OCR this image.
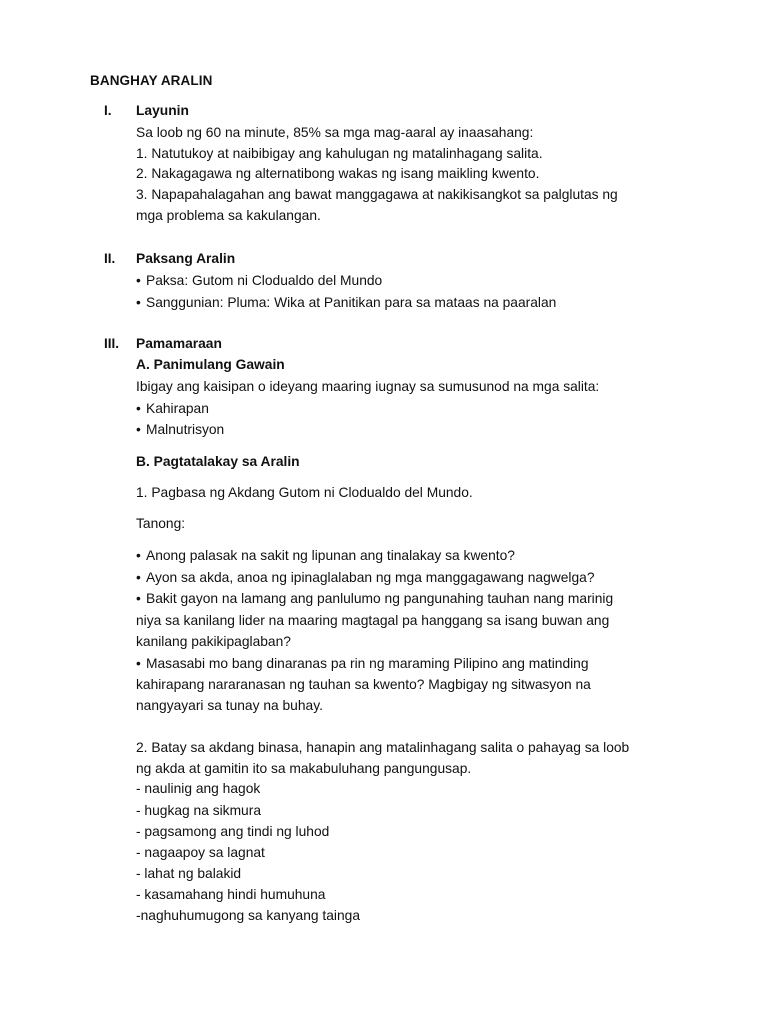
BANGHAY ARALIN
I. Layunin
Sa loob ng 60 na minute, 85% sa mga mag-aaral ay inaasahang:
1. Natutukoy at naibibigay ang kahulugan ng matalinhagang salita.
2. Nakagagawa ng alternatibong wakas ng isang maikling kwento.
3. Napapahalagahan ang bawat manggagawa at nakikisangkot sa palglutas ng
mga problema sa kakulangan.
II. Paksang Aralin
• Paksa: Gutom ni Clodualdo del Mundo
• Sanggunian: Pluma: Wika at Panitikan para sa mataas na paaralan
III. Pamamaraan
A. Panimulang Gawain
Ibigay ang kaisipan o ideyang maaring iugnay sa sumusunod na mga salita:
• Kahirapan
• Malnutrisyon
B. Pagtatalakay sa Aralin
1. Pagbasa ng Akdang Gutom ni Clodualdo del Mundo.
Tanong:
• Anong palasak na sakit ng lipunan ang tinalakay sa kwento?
• Ayon sa akda, anoa ng ipinaglalaban ng mga manggagawang nagwelga?
• Bakit gayon na lamang ang panlulumo ng pangunahing tauhan nang marinig
niya sa kanilang lider na maaring magtagal pa hanggang sa isang buwan ang
kanilang pakikipaglaban?
• Masasabi mo bang dinaranas pa rin ng maraming Pilipino ang matinding
kahirapang nararanasan ng tauhan sa kwento? Magbigay ng sitwasyon na
nangyayari sa tunay na buhay.
2. Batay sa akdang binasa, hanapin ang matalinhagang salita o pahayag sa loob
ng akda at gamitin ito sa makabuluhang pangungusap.
- naulinig ang hagok
- hugkag na sikmura
- pagsamong ang tindi ng luhod
- nagaapoy sa lagnat
- lahat ng balakid
- kasamahang hindi humuhuna
-naghuhumugong sa kanyang tainga
